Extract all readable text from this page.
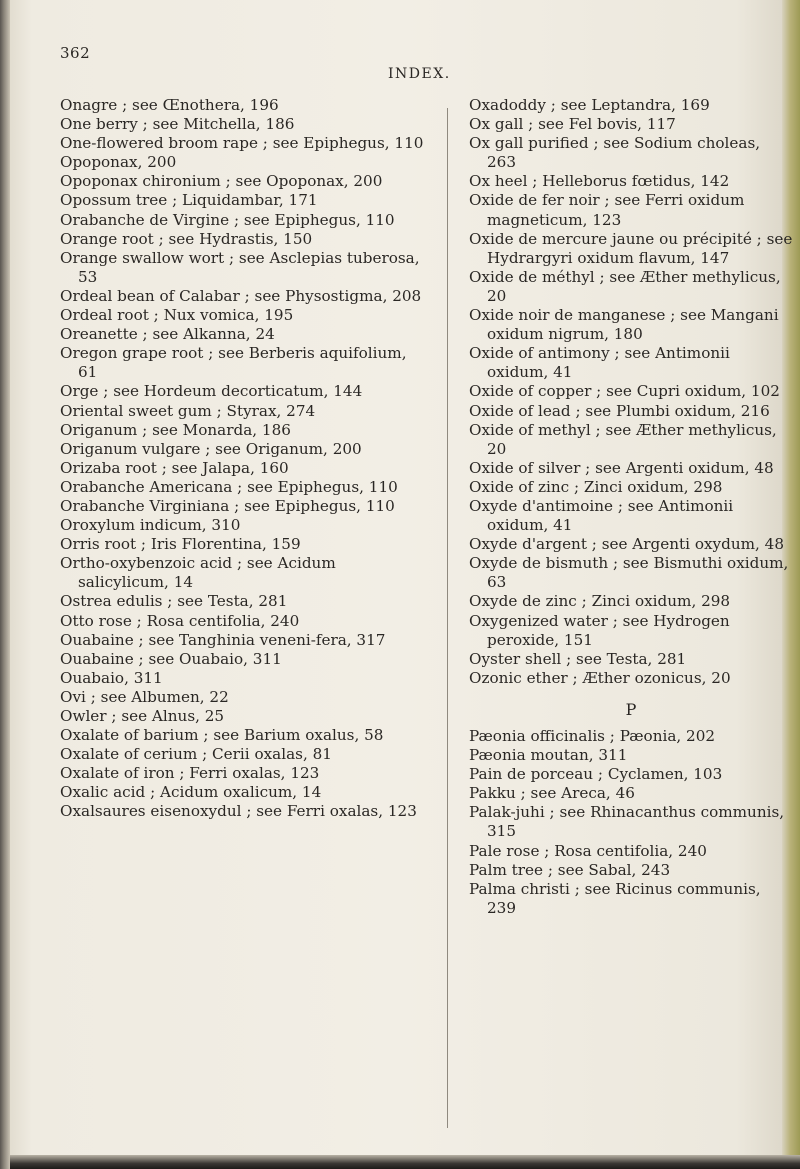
362
INDEX.

Onagre ; see Œnothera, 196

One berry ; see Mitchella, 186

One-flowered broom rape ; see Epiphegus, 110

Opoponax, 200

Opoponax chironium ; see Opoponax, 200

Opossum tree ; Liquidambar, 171

Orabanche de Virgine ; see Epiphegus, 110

Orange root ; see Hydrastis, 150

Orange swallow wort ; see Asclepias tuberosa, 53

Ordeal bean of Calabar ; see Physostigma, 208

Ordeal root ; Nux vomica, 195

Oreanette ; see Alkanna, 24

Oregon grape root ; see Berberis aquifolium, 61

Orge ; see Hordeum decorticatum, 144

Oriental sweet gum ; Styrax, 274

Origanum ; see Monarda, 186

Origanum vulgare ; see Origanum, 200

Orizaba root ; see Jalapa, 160

Orabanche Americana ; see Epiphegus, 110

Orabanche Virginiana ; see Epiphegus, 110

Oroxylum indicum, 310

Orris root ; Iris Florentina, 159

Ortho-oxybenzoic acid ; see Acidum salicylicum, 14

Ostrea edulis ; see Testa, 281

Otto rose ; Rosa centifolia, 240

Ouabaine ; see Tanghinia veneni-fera, 317

Ouabaine ; see Ouabaio, 311

Ouabaio, 311

Ovi ; see Albumen, 22

Owler ; see Alnus, 25

Oxalate of barium ; see Barium oxalus, 58

Oxalate of cerium ; Cerii oxalas, 81

Oxalate of iron ; Ferri oxalas, 123

Oxalic acid ; Acidum oxalicum, 14

Oxalsaures eisenoxydul ; see Ferri oxalas, 123

Oxadoddy ; see Leptandra, 169

Ox gall ; see Fel bovis, 117

Ox gall purified ; see Sodium choleas, 263

Ox heel ; Helleborus fœtidus, 142

Oxide de fer noir ; see Ferri oxidum magneticum, 123

Oxide de mercure jaune ou précipité ; see Hydrargyri oxidum flavum, 147

Oxide de méthyl ; see Æther methylicus, 20

Oxide noir de manganese ; see Mangani oxidum nigrum, 180

Oxide of antimony ; see Antimonii oxidum, 41

Oxide of copper ; see Cupri oxidum, 102

Oxide of lead ; see Plumbi oxidum, 216

Oxide of methyl ; see Æther methylicus, 20

Oxide of silver ; see Argenti oxidum, 48

Oxide of zinc ; Zinci oxidum, 298

Oxyde d'antimoine ; see Antimonii oxidum, 41

Oxyde d'argent ; see Argenti oxydum, 48

Oxyde de bismuth ; see Bismuthi oxidum, 63

Oxyde de zinc ; Zinci oxidum, 298

Oxygenized water ; see Hydrogen peroxide, 151

Oyster shell ; see Testa, 281

Ozonic ether ; Æther ozonicus, 20

P

Pæonia officinalis ; Pæonia, 202

Pæonia moutan, 311

Pain de porceau ; Cyclamen, 103

Pakku ; see Areca, 46

Palak-juhi ; see Rhinacanthus communis, 315

Pale rose ; Rosa centifolia, 240

Palm tree ; see Sabal, 243

Palma christi ; see Ricinus communis, 239
